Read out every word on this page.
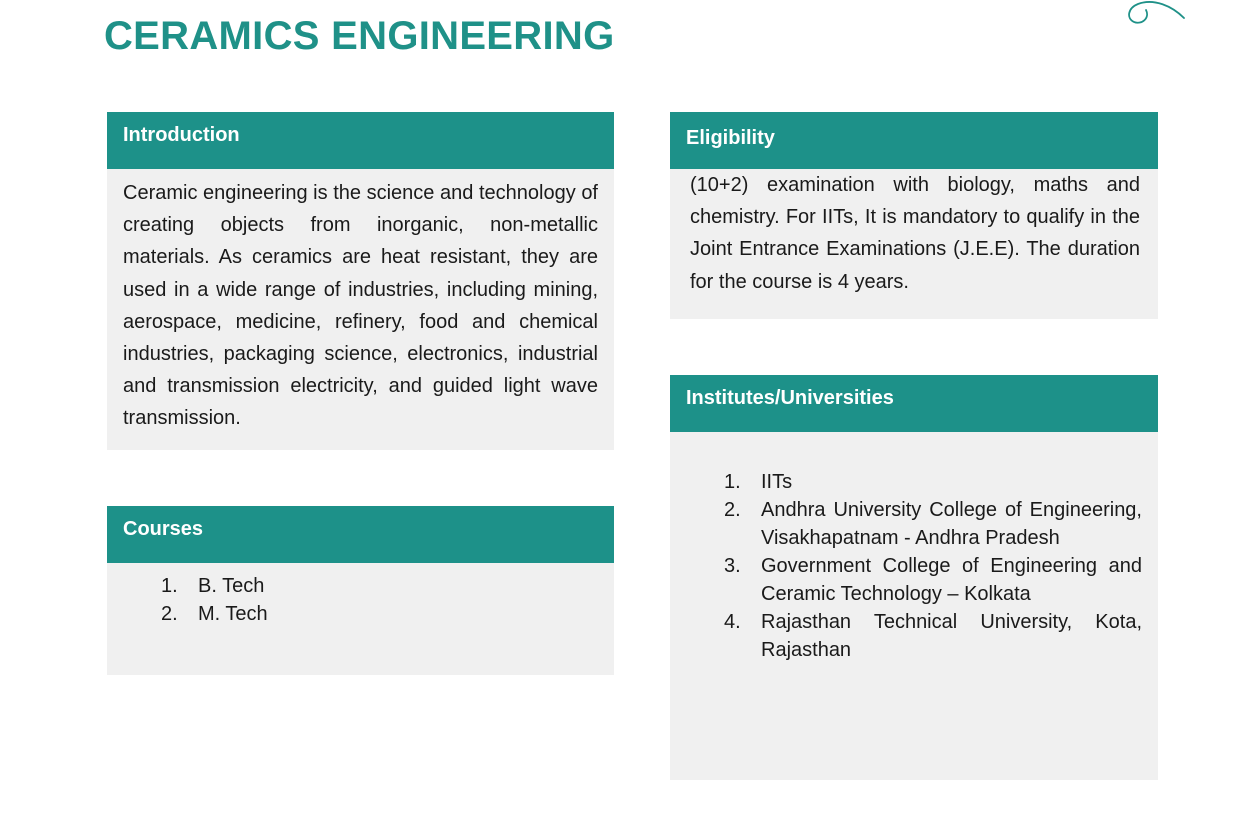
CERAMICS ENGINEERING
Introduction
Ceramic engineering is the science and technology of creating objects from inorganic, non-metallic materials. As ceramics are heat resistant, they are used in a wide range of industries, including mining, aerospace, medicine, refinery, food and chemical industries, packaging science, electronics, industrial and transmission electricity, and guided light wave transmission.
Courses
1.	B. Tech
2.	M. Tech
Eligibility
(10+2) examination with biology, maths and chemistry. For IITs, It is mandatory to qualify in the Joint Entrance Examinations (J.E.E). The duration for the course is 4 years.
Institutes/Universities
1.	IITs
2.	Andhra University College of Engineering, Visakhapatnam - Andhra Pradesh
3.	Government College of Engineering and Ceramic Technology – Kolkata
4.	Rajasthan Technical University, Kota, Rajasthan
